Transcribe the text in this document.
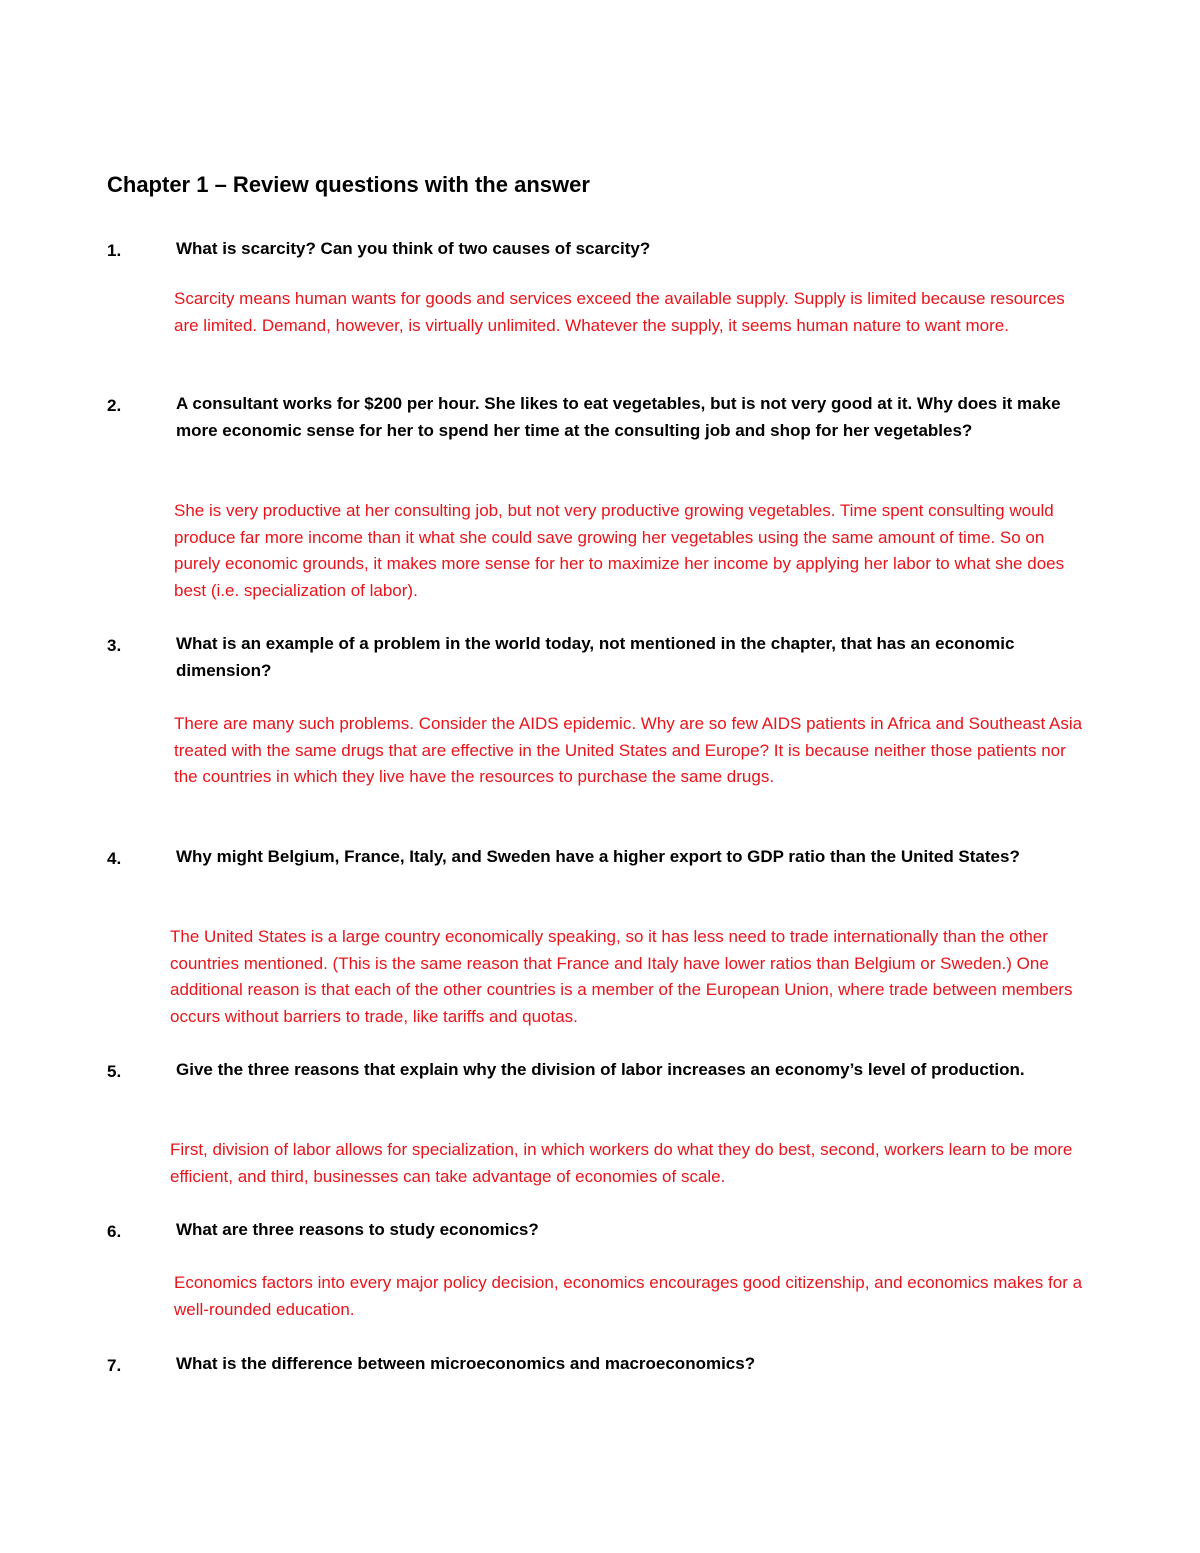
Chapter 1 – Review questions with the answer
1.	What is scarcity? Can you think of two causes of scarcity?

Scarcity means human wants for goods and services exceed the available supply. Supply is limited because resources are limited. Demand, however, is virtually unlimited. Whatever the supply, it seems human nature to want more.

2.	A consultant works for $200 per hour. She likes to eat vegetables, but is not very good at it. Why does it make more economic sense for her to spend her time at the consulting job and shop for her vegetables?

She is very productive at her consulting job, but not very productive growing vegetables. Time spent consulting would produce far more income than it what she could save growing her vegetables using the same amount of time. So on purely economic grounds, it makes more sense for her to maximize her income by applying her labor to what she does best (i.e. specialization of labor).

3.	What is an example of a problem in the world today, not mentioned in the chapter, that has an economic dimension?

There are many such problems. Consider the AIDS epidemic. Why are so few AIDS patients in Africa and Southeast Asia treated with the same drugs that are effective in the United States and Europe? It is because neither those patients nor the countries in which they live have the resources to purchase the same drugs.

4.	Why might Belgium, France, Italy, and Sweden have a higher export to GDP ratio than the United States?

The United States is a large country economically speaking, so it has less need to trade internationally than the other countries mentioned. (This is the same reason that France and Italy have lower ratios than Belgium or Sweden.) One additional reason is that each of the other countries is a member of the European Union, where trade between members occurs without barriers to trade, like tariffs and quotas.

5.	Give the three reasons that explain why the division of labor increases an economy’s level of production.

First, division of labor allows for specialization, in which workers do what they do best, second, workers learn to be more efficient, and third, businesses can take advantage of economies of scale.

6.	What are three reasons to study economics?

Economics factors into every major policy decision, economics encourages good citizenship, and economics makes for a well-rounded education.

7.	What is the difference between microeconomics and macroeconomics?
